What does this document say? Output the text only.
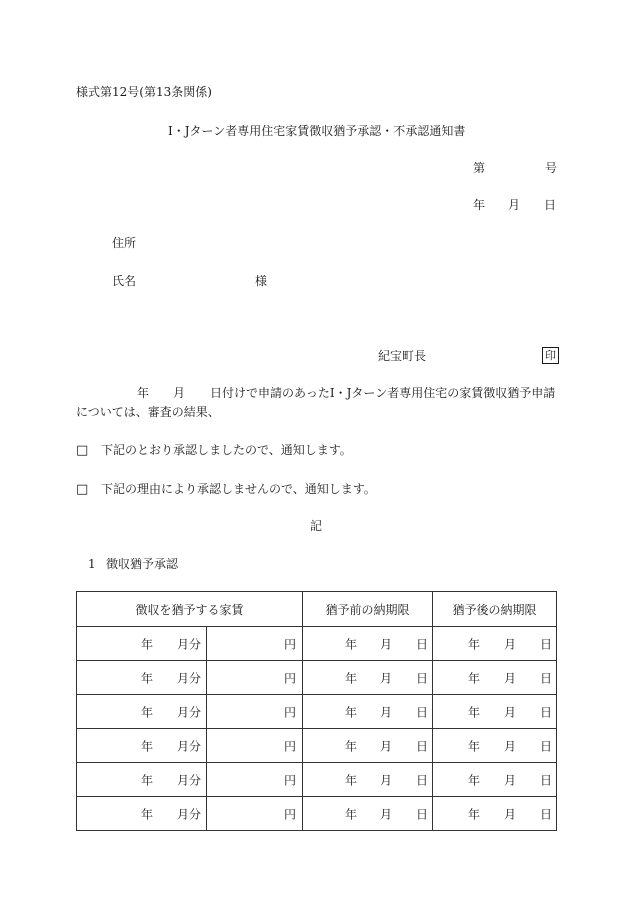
様式第12号(第13条関係)
I・Jターン者専用住宅家賃徴収猶予承認・不承認通知書
第	号
年 月 日
住所
氏名	様
紀宝町長	印
年 月 日付けで申請のあったI・Jターン者専用住宅の家賃徴収猶予申請
については、審査の結果、
□ 下記のとおり承認しましたので、通知します。
□ 下記の理由により承認しませんので、通知します。
記
1 徴収猶予承認
徴収を猶予する家賃		猶予前の納期限	猶予後の納期限

年 月分	円	年 月 日	年 月 日

年 月分	円	年 月 日	年 月 日

年 月分	円	年 月 日	年 月 日

年 月分	円	年 月 日	年 月 日

年 月分	円	年 月 日	年 月 日

年 月分	円	年 月 日	年 月 日
